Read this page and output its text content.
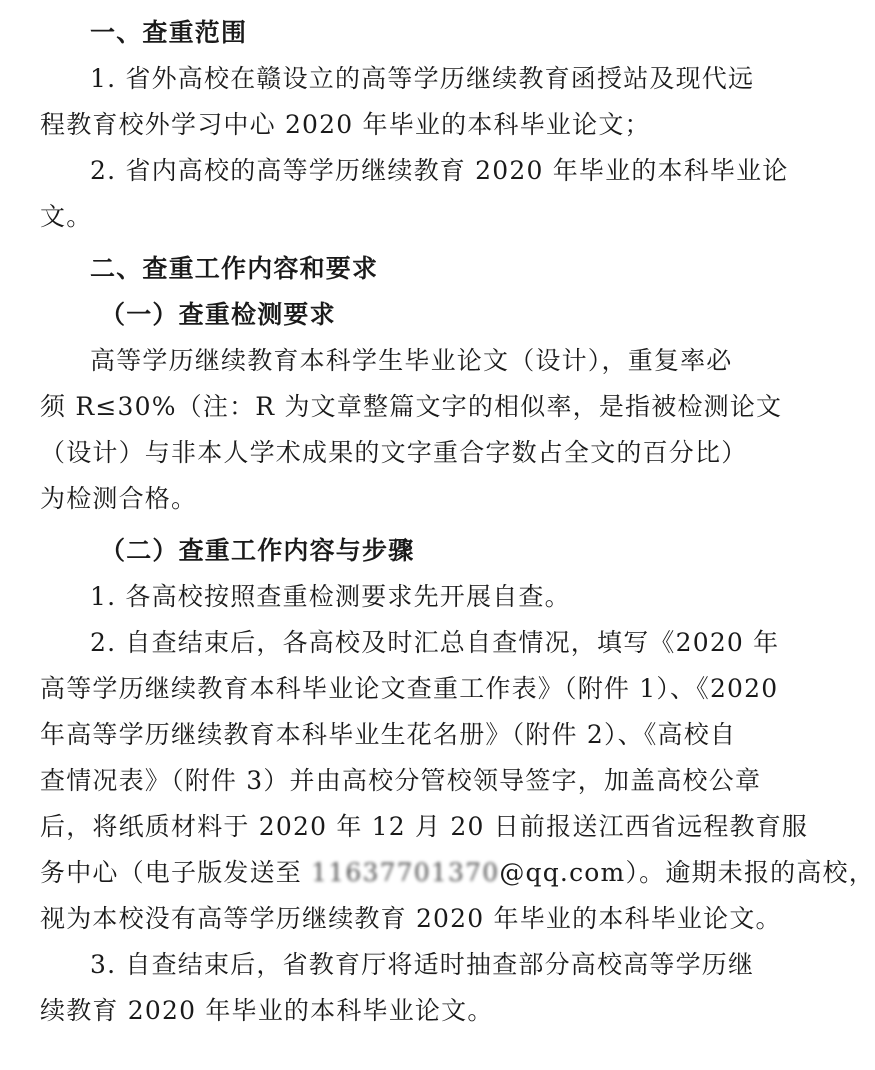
一、查重范围
1. 省外高校在赣设立的高等学历继续教育函授站及现代远
程教育校外学习中心 2020 年毕业的本科毕业论文；
2. 省内高校的高等学历继续教育 2020 年毕业的本科毕业论
文。
二、查重工作内容和要求
（一）查重检测要求
高等学历继续教育本科学生毕业论文（设计），重复率必
须 R≤30%（注：R 为文章整篇文字的相似率，是指被检测论文
（设计）与非本人学术成果的文字重合字数占全文的百分比）
为检测合格。
（二）查重工作内容与步骤
1. 各高校按照查重检测要求先开展自查。
2. 自查结束后，各高校及时汇总自查情况，填写《2020 年
高等学历继续教育本科毕业论文查重工作表》（附件 1）、《2020
年高等学历继续教育本科毕业生花名册》（附件 2）、《高校自
查情况表》（附件 3）并由高校分管校领导签字，加盖高校公章
后，将纸质材料于 2020 年 12 月 20 日前报送江西省远程教育服
务中心（电子版发送至 11637701370@qq.com）。逾期未报的高校，
视为本校没有高等学历继续教育 2020 年毕业的本科毕业论文。
3. 自查结束后，省教育厅将适时抽查部分高校高等学历继
续教育 2020 年毕业的本科毕业论文。
